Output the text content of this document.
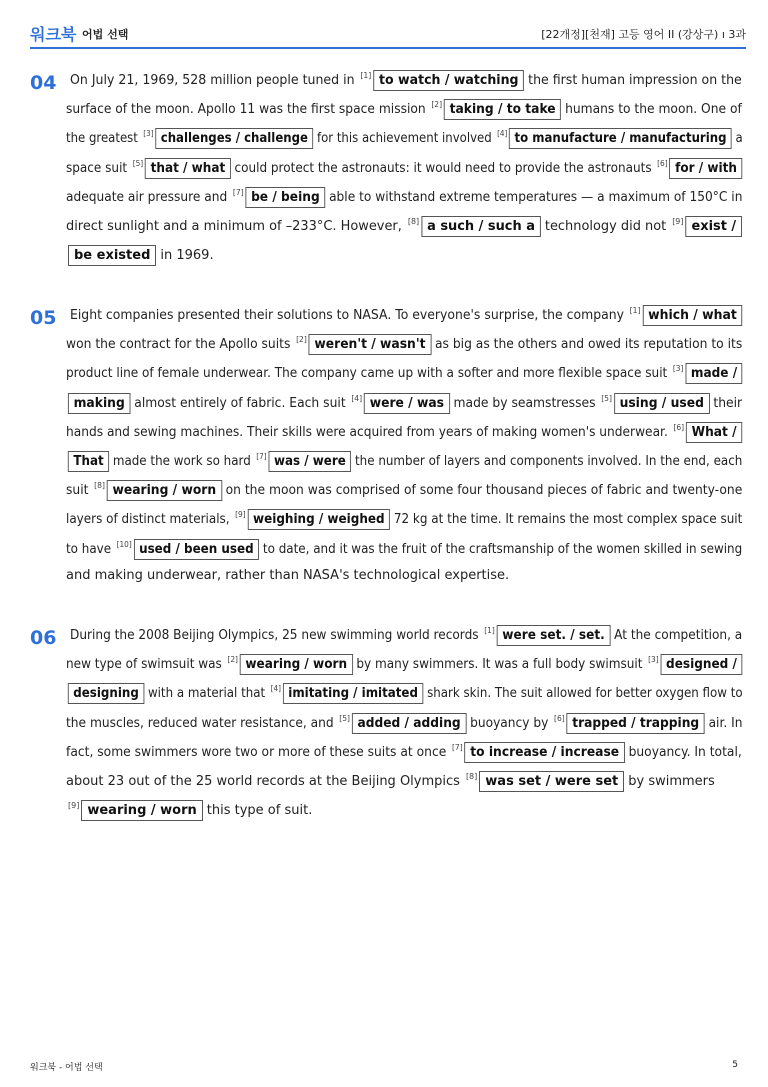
워크북 어법 선택	[22개정][천재] 고등 영어 II (강상구) ı 3과
04 On July 21, 1969, 528 million people tuned in [1] to watch / watching the first human impression on the
surface of the moon. Apollo 11 was the first space mission [2] taking / to take humans to the moon. One of
the greatest [3] challenges / challenge for this achievement involved [4] to manufacture / manufacturing a
space suit [5] that / what could protect the astronauts: it would need to provide the astronauts [6] for / with
adequate air pressure and [7] be / being able to withstand extreme temperatures — a maximum of 150°C in
direct sunlight and a minimum of –233°C. However, [8] a such / such a technology did not [9] exist /
be existed in 1969.
05 Eight companies presented their solutions to NASA. To everyone's surprise, the company [1] which / what
won the contract for the Apollo suits [2] weren't / wasn't as big as the others and owed its reputation to its
product line of female underwear. The company came up with a softer and more flexible space suit [3] made /
making almost entirely of fabric. Each suit [4] were / was made by seamstresses [5] using / used their
hands and sewing machines. Their skills were acquired from years of making women's underwear. [6] What /
That made the work so hard [7] was / were the number of layers and components involved. In the end, each
suit [8] wearing / worn on the moon was comprised of some four thousand pieces of fabric and twenty-one
layers of distinct materials, [9] weighing / weighed 72 kg at the time. It remains the most complex space suit
to have [10] used / been used to date, and it was the fruit of the craftsmanship of the women skilled in sewing
and making underwear, rather than NASA's technological expertise.
06 During the 2008 Beijing Olympics, 25 new swimming world records [1] were set. / set. At the competition, a
new type of swimsuit was [2] wearing / worn by many swimmers. It was a full body swimsuit [3] designed /
designing with a material that [4] imitating / imitated shark skin. The suit allowed for better oxygen flow to
the muscles, reduced water resistance, and [5] added / adding buoyancy by [6] trapped / trapping air. In
fact, some swimmers wore two or more of these suits at once [7] to increase / increase buoyancy. In total,
about 23 out of the 25 world records at the Beijing Olympics [8] was set / were set by swimmers
[9] wearing / worn this type of suit.
워크북 - 어법 선택	5
